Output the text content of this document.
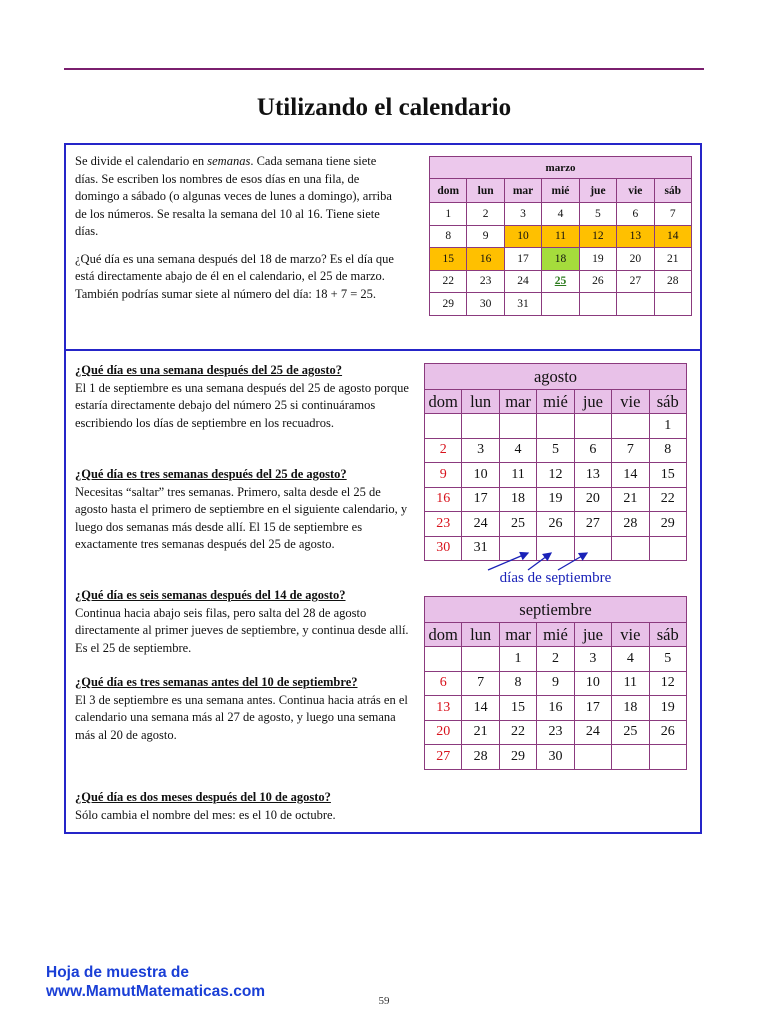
Utilizando el calendario

Se divide el calendario en semanas. Cada semana tiene siete días. Se escriben los nombres de esos días en una fila, de domingo a sábado (o algunas veces de lunes a domingo), arriba de los números. Se resalta la semana del 10 al 16. Tiene siete días.

¿Qué día es una semana después del 18 de marzo? Es el día que está directamente abajo de él en el calendario, el 25 de marzo. También podrías sumar siete al número del día: 18 + 7 = 25.

¿Qué día es una semana después del 25 de agosto?

El 1 de septiembre es una semana después del 25 de agosto porque estaría directamente debajo del número 25 si continuáramos escribiendo los días de septiembre en los recuadros.

¿Qué día es tres semanas después del 25 de agosto?

Necesitas “saltar” tres semanas. Primero, salta desde el 25 de agosto hasta el primero de septiembre en el siguiente calendario, y luego dos semanas más desde allí. El 15 de septiembre es exactamente tres semanas después del 25 de agosto.

¿Qué día es seis semanas después del 14 de agosto?

Continua hacia abajo seis filas, pero salta del 28 de agosto directamente al primer jueves de septiembre, y continua desde allí. Es el 25 de septiembre.

¿Qué día es tres semanas antes del 10 de septiembre?

El 3 de septiembre es una semana antes. Continua hacia atrás en el calendario una semana más al 27 de agosto, y luego una semana más al 20 de agosto.

¿Qué día es dos meses después del 10 de agosto?

Sólo cambia el nombre del mes: es el 10 de octubre.

marzo						
dom	lun	mar	mié	jue	vie	sáb
1	2	3	4	5	6	7
8	9	10	11	12	13	14
15	16	17	18	19	20	21
22	23	24	25	26	27	28
29	30	31				
agosto						
dom	lun	mar	mié	jue	vie	sáb
						1
2	3	4	5	6	7	8
9	10	11	12	13	14	15
16	17	18	19	20	21	22
23	24	25	26	27	28	29
30	31					
septiembre						
dom	lun	mar	mié	jue	vie	sáb
		1	2	3	4	5
6	7	8	9	10	11	12
13	14	15	16	17	18	19
20	21	22	23	24	25	26
27	28	29	30			
días de septiembre
Hoja de muestra de
www.MamutMatematicas.com
59
